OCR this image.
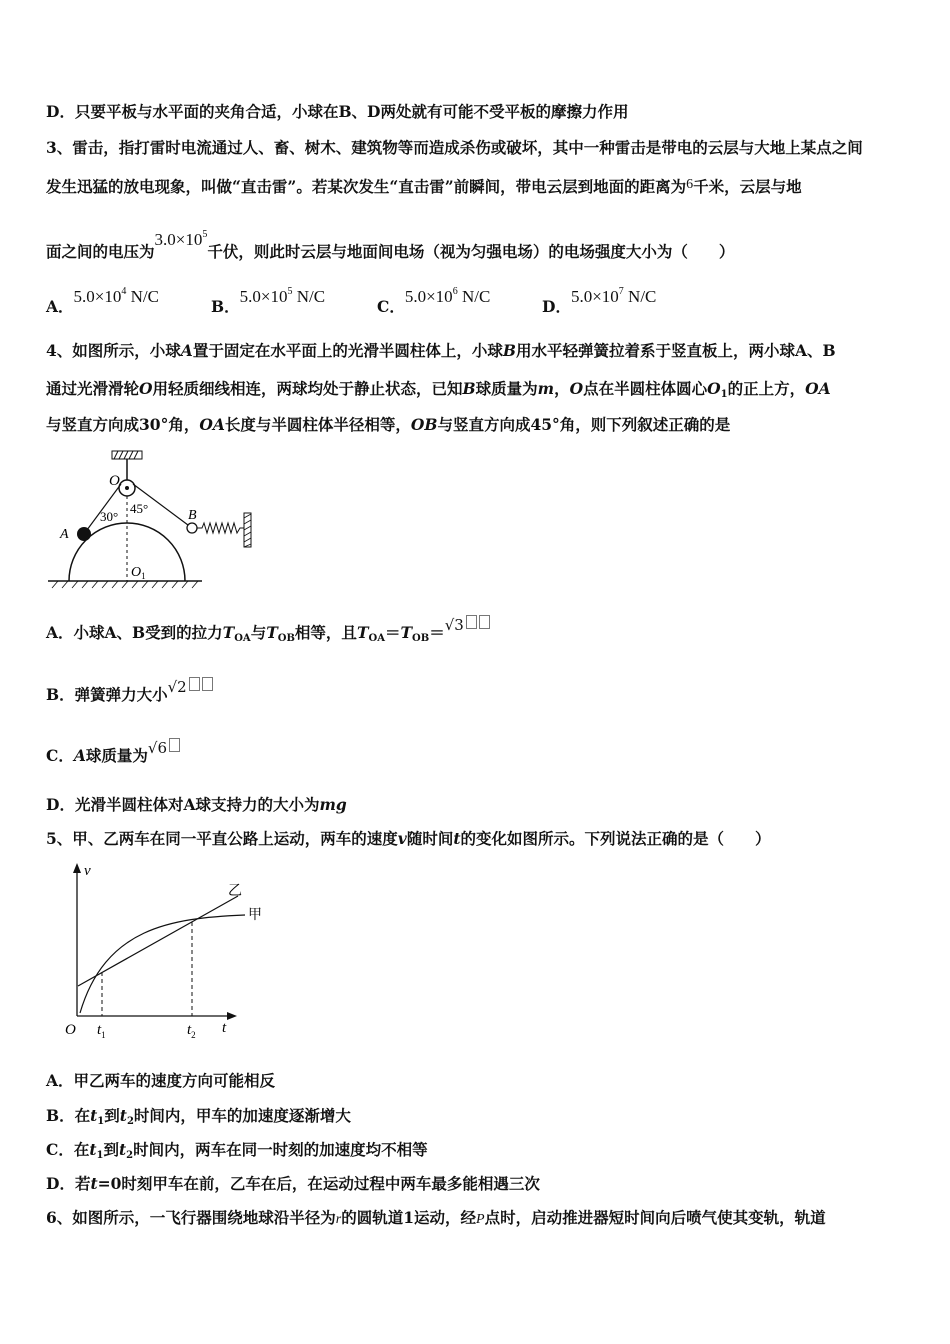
D．只要平板与水平面的夹角合适，小球在B、D两处就有可能不受平板的摩擦力作用
3、雷击，指打雷时电流通过人、畜、树木、建筑物等而造成杀伤或破坏，其中一种雷击是带电的云层与大地上某点之间
发生迅猛的放电现象，叫做“直击雷”。若某次发生“直击雷”前瞬间，带电云层到地面的距离为6千米，云层与地
面之间的电压为$3.0\times 10^5$千伏，则此时云层与地面间电场（视为匀强电场）的电场强度大小为（　　）
A．$5.0\times 10^4$ N/C
B．$5.0\times 10^5$ N/C
C．$5.0\times 10^6$ N/C
D．$5.0\times 10^7$ N/C
4、如图所示，小球A置于固定在水平面上的光滑半圆柱体上，小球B用水平轻弹簧拉着系于竖直板上，两小球A、B
通过光滑滑轮O用轻质细线相连，两球均处于静止状态，已知B球质量为m，O点在半圆柱体圆心$O_1$的正上方，OA
与竖直方向成30°角，OA长度与半圆柱体半径相等，OB与竖直方向成45°角，则下列叙述正确的是
O
A
B
$O_1$
30°
45°
A．小球A、B受到的拉力$T_{OA}$与$T_{OB}$相等，且$T_{OA}=T_{OB}=√3$
B．弹簧弹力大小√2
C．A球质量为√6
D．光滑半圆柱体对A球支持力的大小为mg
5、甲、乙两车在同一平直公路上运动，两车的速度v随时间t的变化如图所示。下列说法正确的是（　　）
v
t
O $t_1$	$t_2$
甲
乙
A．甲乙两车的速度方向可能相反
B．在$t_1$到$t_2$时间内，甲车的加速度逐渐增大
C．在$t_1$到$t_2$时间内，两车在同一时刻的加速度均不相等
D．若t=0时刻甲车在前，乙车在后，在运动过程中两车最多能相遇三次
6、如图所示，一飞行器围绕地球沿半径为r的圆轨道1运动，经P点时，启动推进器短时间向后喷气使其变轨，轨道
